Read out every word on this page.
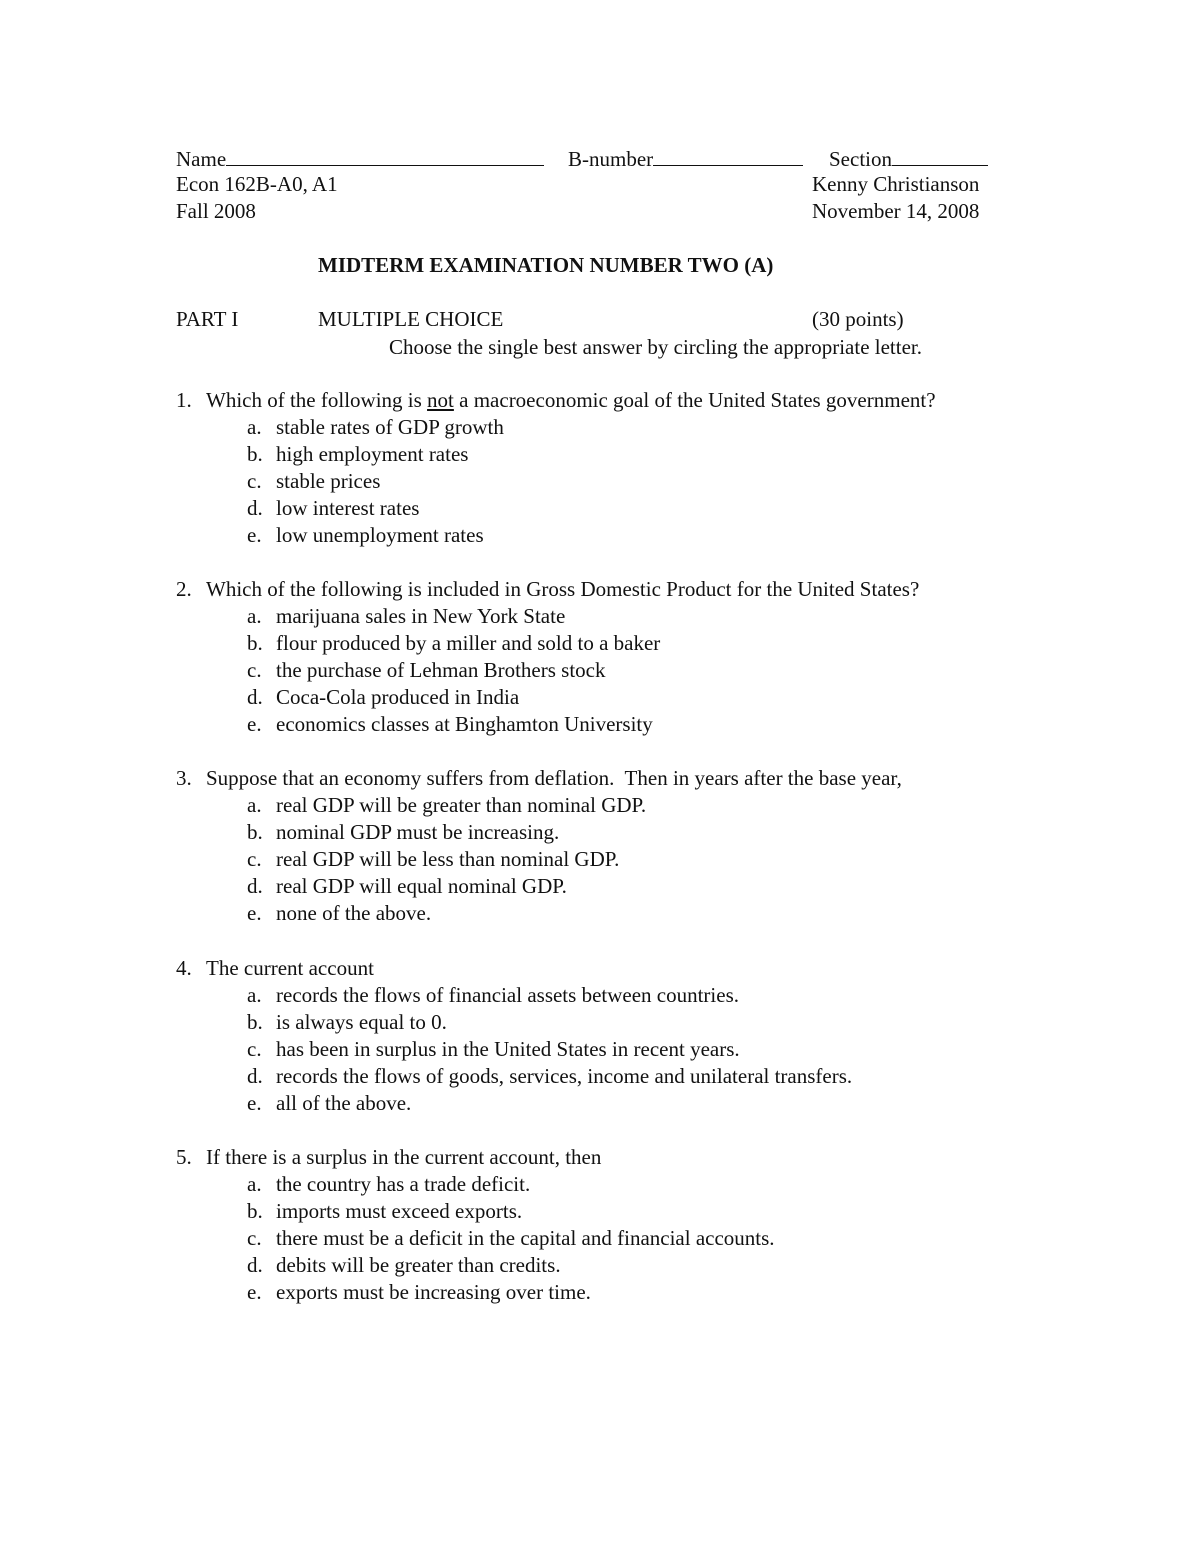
Name	B-number	Section
Econ 162B-A0, A1	Kenny Christianson
Fall 2008	November 14, 2008
MIDTERM EXAMINATION NUMBER TWO (A)
PART I	MULTIPLE CHOICE	(30 points)
Choose the single best answer by circling the appropriate letter.
1. Which of the following is not a macroeconomic goal of the United States government?
a. stable rates of GDP growth
b. high employment rates
c. stable prices
d. low interest rates
e. low unemployment rates
2. Which of the following is included in Gross Domestic Product for the United States?
a. marijuana sales in New York State
b. flour produced by a miller and sold to a baker
c. the purchase of Lehman Brothers stock
d. Coca-Cola produced in India
e. economics classes at Binghamton University
3. Suppose that an economy suffers from deflation.  Then in years after the base year,
a. real GDP will be greater than nominal GDP.
b. nominal GDP must be increasing.
c. real GDP will be less than nominal GDP.
d. real GDP will equal nominal GDP.
e. none of the above.
4. The current account
a. records the flows of financial assets between countries.
b. is always equal to 0.
c. has been in surplus in the United States in recent years.
d. records the flows of goods, services, income and unilateral transfers.
e. all of the above.
5. If there is a surplus in the current account, then
a. the country has a trade deficit.
b. imports must exceed exports.
c. there must be a deficit in the capital and financial accounts.
d. debits will be greater than credits.
e. exports must be increasing over time.
